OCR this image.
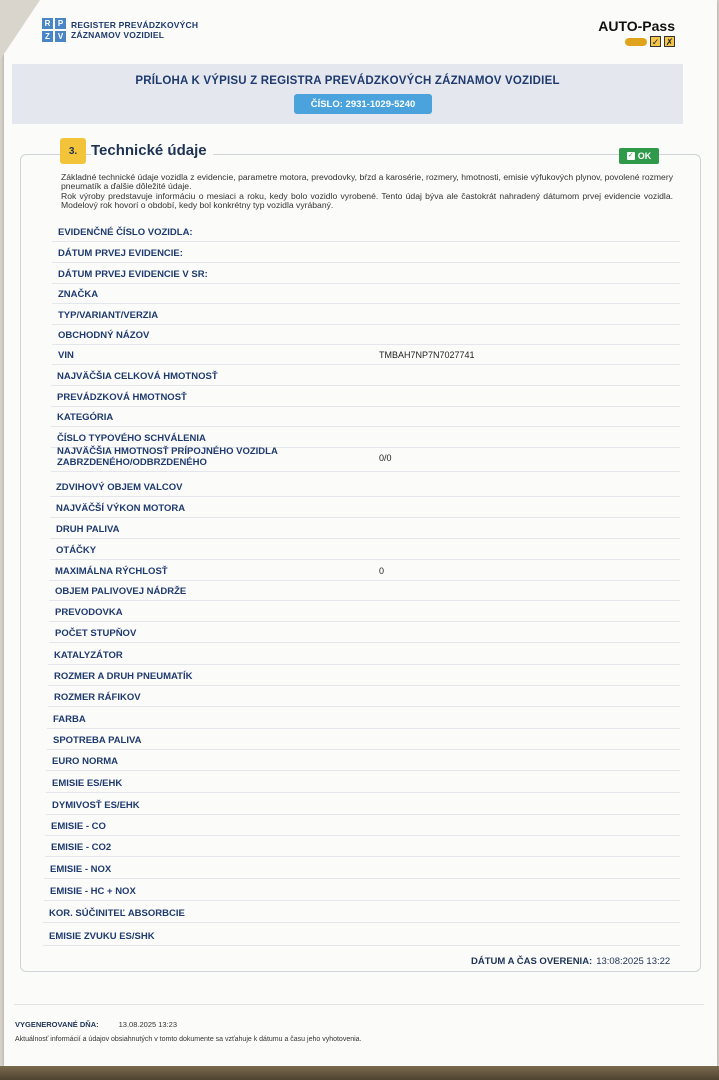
R P
Z V
REGISTER PREVÁDZKOVÝCH
ZÁZNAMOV VOZIDIEL
AUTO-Pass
✓ ✗
PRÍLOHA K VÝPISU Z REGISTRA PREVÁDZKOVÝCH ZÁZNAMOV VOZIDIEL
ČÍSLO: 2931-1029-5240
3. Technické údaje	✓ OK

Základné technické údaje vozidla z evidencie, parametre motora, prevodovky, bŕzd a karosérie, rozmery, hmotnosti, emisie výfukových plynov, povolené rozmery pneumatík a ďalšie dôležité údaje.

Rok výroby predstavuje informáciu o mesiaci a roku, kedy bolo vozidlo vyrobené. Tento údaj býva ale častokrát nahradený dátumom prvej evidencie vozidla. Modelový rok hovorí o období, kedy bol konkrétny typ vozidla vyrábaný.

EVIDENČNÉ ČÍSLO VOZIDLA:
DÁTUM PRVEJ EVIDENCIE:
DÁTUM PRVEJ EVIDENCIE V SR:
ZNAČKA
TYP/VARIANT/VERZIA
OBCHODNÝ NÁZOV
VIN	TMBAH7NP7N7027741
NAJVÄČŠIA CELKOVÁ HMOTNOSŤ
PREVÁDZKOVÁ HMOTNOSŤ
KATEGÓRIA
ČÍSLO TYPOVÉHO SCHVÁLENIA
NAJVÄČŠIA HMOTNOSŤ PRÍPOJNÉHO VOZIDLA ZABRZDENÉHO/ODBRZDENÉHO	0/0
ZDVIHOVÝ OBJEM VALCOV
NAJVÄČŠÍ VÝKON MOTORA
DRUH PALIVA
OTÁČKY
MAXIMÁLNA RÝCHLOSŤ	0
OBJEM PALIVOVEJ NÁDRŽE
PREVODOVKA
POČET STUPŇOV
KATALYZÁTOR
ROZMER A DRUH PNEUMATÍK
ROZMER RÁFIKOV
FARBA
SPOTREBA PALIVA
EURO NORMA
EMISIE ES/EHK
DYMIVOSŤ ES/EHK
EMISIE - CO
EMISIE - CO2
EMISIE - NOX
EMISIE - HC + NOX
KOR. SÚČINITEĽ ABSORBCIE
EMISIE ZVUKU ES/SHK
DÁTUM A ČAS OVERENIA: 13:08:2025 13:22
VYGENEROVANÉ DŇA:	13.08.2025 13:23
Aktuálnosť informácií a údajov obsiahnutých v tomto dokumente sa vzťahuje k dátumu a času jeho vyhotovenia.
